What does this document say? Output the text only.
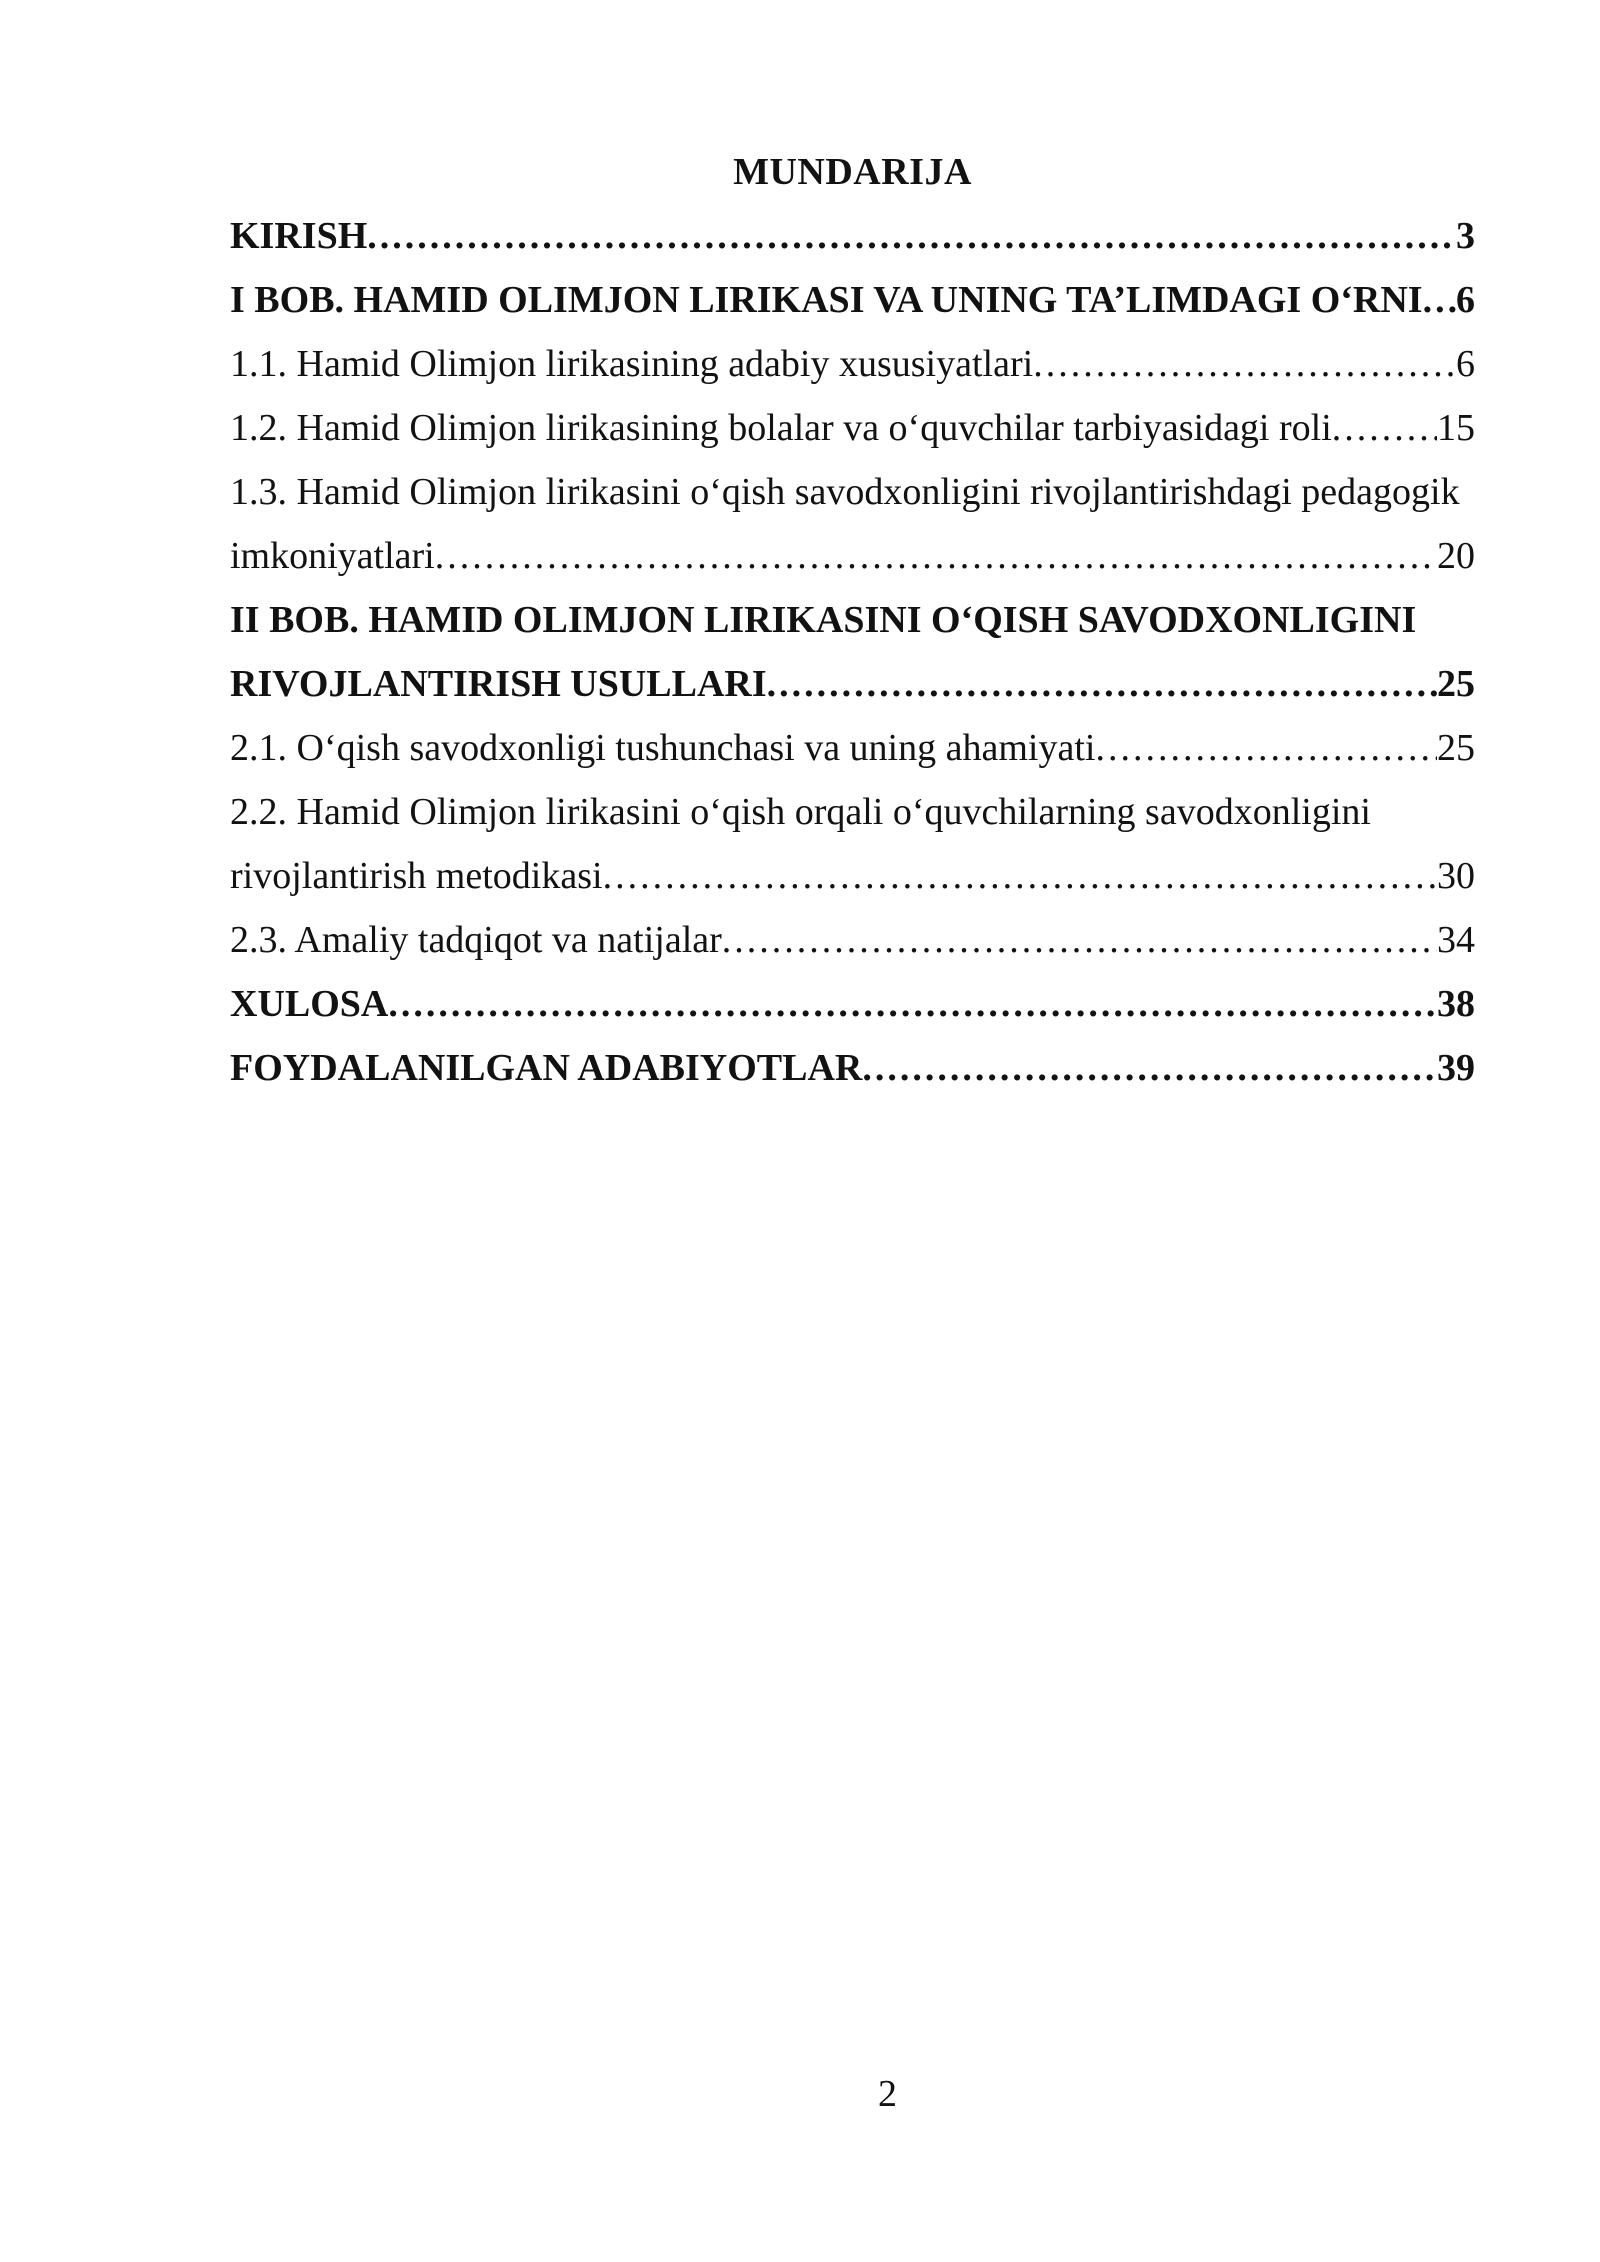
MUNDARIJA
KIRISH .....	3
I BOB. HAMID OLIMJON LIRIKASI VA UNING TA’LIMDAGI O‘RNI ..... 6
1.1. Hamid Olimjon lirikasining adabiy xususiyatlari .....	6
1.2. Hamid Olimjon lirikasining bolalar va o‘quvchilar tarbiyasidagi roli .....	15
1.3. Hamid Olimjon lirikasini o‘qish savodxonligini rivojlantirishdagi pedagogik
imkoniyatlari .....	20
II BOB. HAMID OLIMJON LIRIKASINI O‘QISH SAVODXONLIGINI
RIVOJLANTIRISH USULLARI .....	25
2.1. O‘qish savodxonligi tushunchasi va uning ahamiyati .....	25
2.2. Hamid Olimjon lirikasini o‘qish orqali o‘quvchilarning savodxonligini
rivojlantirish metodikasi .....	30
2.3. Amaliy tadqiqot va natijalar .....	34
XULOSA .....	38
FOYDALANILGAN ADABIYOTLAR .....	39
2
